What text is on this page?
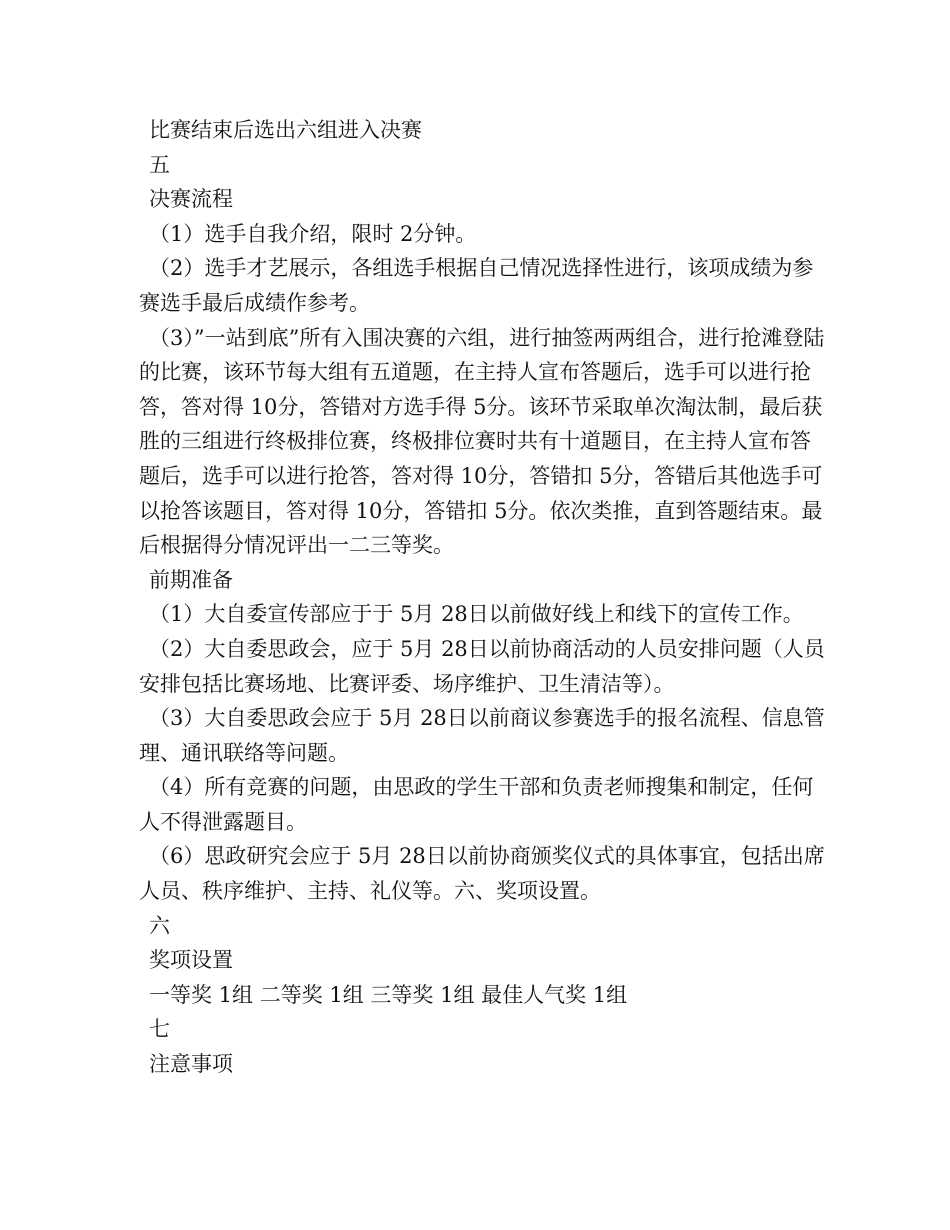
比赛结束后选出六组进入决赛

五

决赛流程

（1）选手自我介绍，限时 2分钟。

（2）选手才艺展示，各组选手根据自己情况选择性进行，该项成绩为参赛选手最后成绩作参考。

（3）”一站到底”所有入围决赛的六组，进行抽签两两组合，进行抢滩登陆的比赛，该环节每大组有五道题，在主持人宣布答题后，选手可以进行抢答，答对得 10分，答错对方选手得 5分。该环节采取单次淘汰制，最后获胜的三组进行终极排位赛，终极排位赛时共有十道题目，在主持人宣布答题后，选手可以进行抢答，答对得 10分，答错扣 5分，答错后其他选手可以抢答该题目，答对得 10分，答错扣 5分。依次类推，直到答题结束。最后根据得分情况评出一二三等奖。

前期准备

（1）大自委宣传部应于于 5月 28日以前做好线上和线下的宣传工作。

（2）大自委思政会，应于 5月 28日以前协商活动的人员安排问题（人员安排包括比赛场地、比赛评委、场序维护、卫生清洁等）。

（3）大自委思政会应于 5月 28日以前商议参赛选手的报名流程、信息管理、通讯联络等问题。

（4）所有竞赛的问题，由思政的学生干部和负责老师搜集和制定，任何人不得泄露题目。

（6）思政研究会应于 5月 28日以前协商颁奖仪式的具体事宜，包括出席人员、秩序维护、主持、礼仪等。六、奖项设置。

六

奖项设置

一等奖 1组 二等奖 1组 三等奖 1组 最佳人气奖 1组

七

注意事项
